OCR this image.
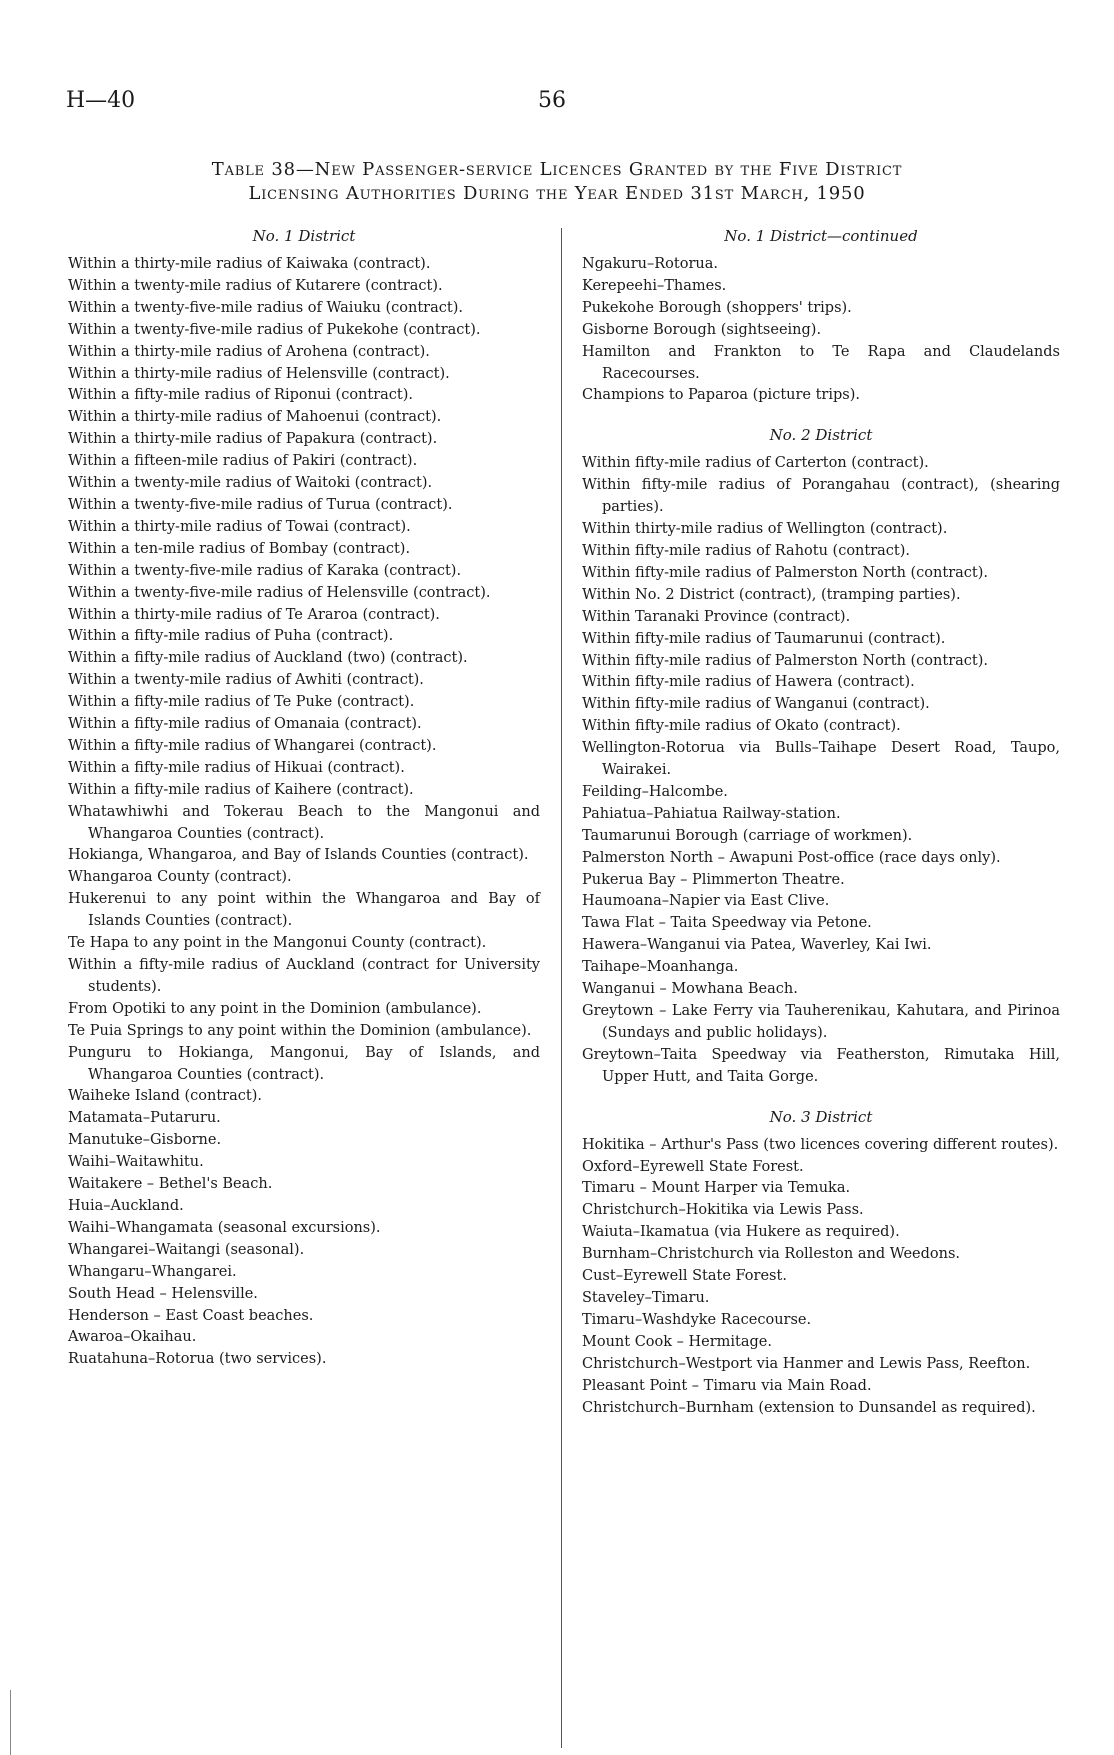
H—40	56
Table 38—New Passenger-service Licences Granted by the Five District
Licensing Authorities During the Year Ended 31st March, 1950
No. 1 District
Within a thirty-mile radius of Kaiwaka (contract).
Within a twenty-mile radius of Kutarere (contract).
Within a twenty-five-mile radius of Waiuku (contract).
Within a twenty-five-mile radius of Pukekohe (contract).
Within a thirty-mile radius of Arohena (contract).
Within a thirty-mile radius of Helensville (contract).
Within a fifty-mile radius of Riponui (contract).
Within a thirty-mile radius of Mahoenui (contract).
Within a thirty-mile radius of Papakura (contract).
Within a fifteen-mile radius of Pakiri (contract).
Within a twenty-mile radius of Waitoki (contract).
Within a twenty-five-mile radius of Turua (contract).
Within a thirty-mile radius of Towai (contract).
Within a ten-mile radius of Bombay (contract).
Within a twenty-five-mile radius of Karaka (contract).
Within a twenty-five-mile radius of Helensville (contract).
Within a thirty-mile radius of Te Araroa (contract).
Within a fifty-mile radius of Puha (contract).
Within a fifty-mile radius of Auckland (two) (contract).
Within a twenty-mile radius of Awhiti (contract).
Within a fifty-mile radius of Te Puke (contract).
Within a fifty-mile radius of Omanaia (contract).
Within a fifty-mile radius of Whangarei (contract).
Within a fifty-mile radius of Hikuai (contract).
Within a fifty-mile radius of Kaihere (contract).
Whatawhiwhi and Tokerau Beach to the Mangonui and Whangaroa Counties (contract).
Hokianga, Whangaroa, and Bay of Islands Counties (contract).
Whangaroa County (contract).
Hukerenui to any point within the Whangaroa and Bay of Islands Counties (contract).
Te Hapa to any point in the Mangonui County (contract).
Within a fifty-mile radius of Auckland (contract for University students).
From Opotiki to any point in the Dominion (ambulance).
Te Puia Springs to any point within the Dominion (ambulance).
Punguru to Hokianga, Mangonui, Bay of Islands, and Whangaroa Counties (contract).
Waiheke Island (contract).
Matamata–Putaruru.
Manutuke–Gisborne.
Waihi–Waitawhitu.
Waitakere – Bethel's Beach.
Huia–Auckland.
Waihi–Whangamata (seasonal excursions).
Whangarei–Waitangi (seasonal).
Whangaru–Whangarei.
South Head – Helensville.
Henderson – East Coast beaches.
Awaroa–Okaihau.
Ruatahuna–Rotorua (two services).
No. 1 District—continued
Ngakuru–Rotorua.
Kerepeehi–Thames.
Pukekohe Borough (shoppers' trips).
Gisborne Borough (sightseeing).
Hamilton and Frankton to Te Rapa and Claudelands Racecourses.
Champions to Paparoa (picture trips).
No. 2 District
Within fifty-mile radius of Carterton (contract).
Within fifty-mile radius of Porangahau (contract), (shearing parties).
Within thirty-mile radius of Wellington (contract).
Within fifty-mile radius of Rahotu (contract).
Within fifty-mile radius of Palmerston North (contract).
Within No. 2 District (contract), (tramping parties).
Within Taranaki Province (contract).
Within fifty-mile radius of Taumarunui (contract).
Within fifty-mile radius of Palmerston North (contract).
Within fifty-mile radius of Hawera (contract).
Within fifty-mile radius of Wanganui (contract).
Within fifty-mile radius of Okato (contract).
Wellington-Rotorua via Bulls–Taihape Desert Road, Taupo, Wairakei.
Feilding–Halcombe.
Pahiatua–Pahiatua Railway-station.
Taumarunui Borough (carriage of workmen).
Palmerston North – Awapuni Post-office (race days only).
Pukerua Bay – Plimmerton Theatre.
Haumoana–Napier via East Clive.
Tawa Flat – Taita Speedway via Petone.
Hawera–Wanganui via Patea, Waverley, Kai Iwi.
Taihape–Moanhanga.
Wanganui – Mowhana Beach.
Greytown – Lake Ferry via Tauherenikau, Kahutara, and Pirinoa (Sundays and public holidays).
Greytown–Taita Speedway via Featherston, Rimutaka Hill, Upper Hutt, and Taita Gorge.
No. 3 District
Hokitika – Arthur's Pass (two licences covering different routes).
Oxford–Eyrewell State Forest.
Timaru – Mount Harper via Temuka.
Christchurch–Hokitika via Lewis Pass.
Waiuta–Ikamatua (via Hukere as required).
Burnham–Christchurch via Rolleston and Weedons.
Cust–Eyrewell State Forest.
Staveley–Timaru.
Timaru–Washdyke Racecourse.
Mount Cook – Hermitage.
Christchurch–Westport via Hanmer and Lewis Pass, Reefton.
Pleasant Point – Timaru via Main Road.
Christchurch–Burnham (extension to Dunsandel as required).
